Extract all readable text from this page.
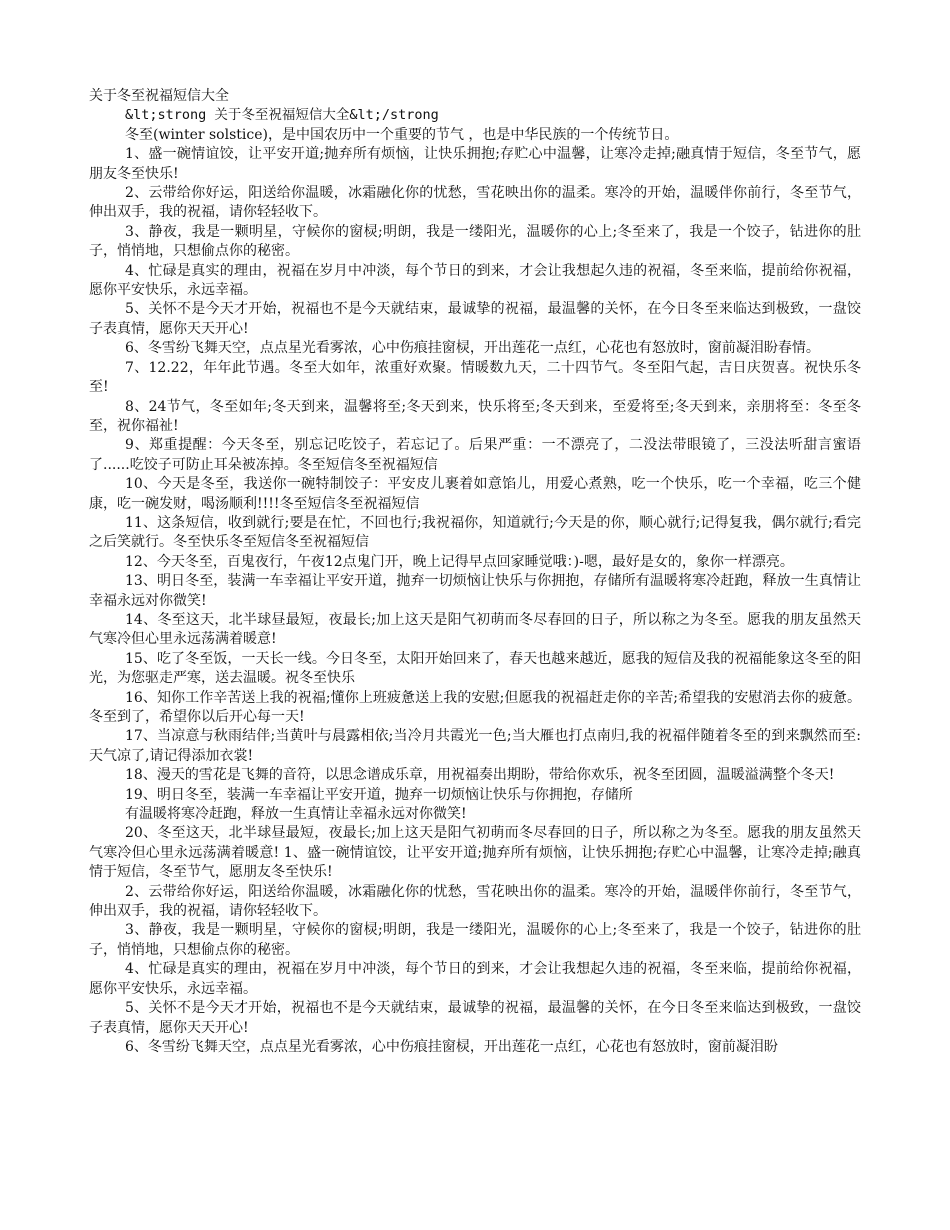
关于冬至祝福短信大全

&lt;strong 关于冬至祝福短信大全&lt;/strong

冬至(winter solstice)，是中国农历中一个重要的节气 ，也是中华民族的一个传统节日。

1、盛一碗情谊饺，让平安开道;抛弃所有烦恼，让快乐拥抱;存贮心中温馨，让寒冷走掉;融真情于短信，冬至节气，愿朋友冬至快乐!

2、云带给你好运，阳送给你温暖，冰霜融化你的忧愁，雪花映出你的温柔。寒冷的开始，温暖伴你前行，冬至节气，伸出双手，我的祝福，请你轻轻收下。

3、静夜，我是一颗明星，守候你的窗棂;明朗，我是一缕阳光，温暖你的心上;冬至来了，我是一个饺子，钻进你的肚子，悄悄地，只想偷点你的秘密。

4、忙碌是真实的理由，祝福在岁月中冲淡，每个节日的到来，才会让我想起久违的祝福，冬至来临，提前给你祝福，愿你平安快乐，永远幸福。

5、关怀不是今天才开始，祝福也不是今天就结束，最诚挚的祝福，最温馨的关怀，在今日冬至来临达到极致，一盘饺子表真情，愿你天天开心!

6、冬雪纷飞舞天空，点点星光看雾浓，心中伤痕挂窗棂，开出莲花一点红，心花也有怒放时，窗前凝泪盼春情。

7、12.22，年年此节遇。冬至大如年，浓重好欢聚。情暖数九天，二十四节气。冬至阳气起，吉日庆贺喜。祝快乐冬至!

8、24节气，冬至如年;冬天到来，温馨将至;冬天到来，快乐将至;冬天到来，至爱将至;冬天到来，亲朋将至：冬至冬至，祝你福祉!

9、郑重提醒：今天冬至，别忘记吃饺子，若忘记了。后果严重：一不漂亮了，二没法带眼镜了，三没法听甜言蜜语了......吃饺子可防止耳朵被冻掉。冬至短信冬至祝福短信

10、今天是冬至，我送你一碗特制饺子：平安皮儿裹着如意馅儿，用爱心煮熟，吃一个快乐，吃一个幸福，吃三个健康，吃一碗发财，喝汤顺利!!!!冬至短信冬至祝福短信

11、这条短信，收到就行;要是在忙，不回也行;我祝福你，知道就行;今天是的你，顺心就行;记得复我，偶尔就行;看完之后笑就行。冬至快乐冬至短信冬至祝福短信

12、今天冬至，百鬼夜行，午夜12点鬼门开，晚上记得早点回家睡觉哦：)-嗯，最好是女的，象你一样漂亮。

13、明日冬至，装满一车幸福让平安开道，抛弃一切烦恼让快乐与你拥抱，存储所有温暖将寒冷赶跑，释放一生真情让幸福永远对你微笑!

14、冬至这天，北半球昼最短，夜最长;加上这天是阳气初萌而冬尽春回的日子，所以称之为冬至。愿我的朋友虽然天气寒冷但心里永远荡满着暖意!

15、吃了冬至饭，一天长一线。今日冬至，太阳开始回来了，春天也越来越近，愿我的短信及我的祝福能象这冬至的阳光，为您驱走严寒，送去温暖。祝冬至快乐

16、知你工作辛苦送上我的祝福;懂你上班疲惫送上我的安慰;但愿我的祝福赶走你的辛苦;希望我的安慰消去你的疲惫。冬至到了，希望你以后开心每一天!

17、当凉意与秋雨结伴;当黄叶与晨露相依;当冷月共霞光一色;当大雁也打点南归,我的祝福伴随着冬至的到来飘然而至:天气凉了,请记得添加衣裳!

18、漫天的雪花是飞舞的音符，以思念谱成乐章，用祝福奏出期盼，带给你欢乐，祝冬至团圆，温暖溢满整个冬天!

19、明日冬至，装满一车幸福让平安开道，抛弃一切烦恼让快乐与你拥抱，存储所

有温暖将寒冷赶跑，释放一生真情让幸福永远对你微笑!

20、冬至这天，北半球昼最短，夜最长;加上这天是阳气初萌而冬尽春回的日子，所以称之为冬至。愿我的朋友虽然天气寒冷但心里永远荡满着暖意! 1、盛一碗情谊饺，让平安开道;抛弃所有烦恼，让快乐拥抱;存贮心中温馨，让寒冷走掉;融真情于短信，冬至节气，愿朋友冬至快乐!

2、云带给你好运，阳送给你温暖，冰霜融化你的忧愁，雪花映出你的温柔。寒冷的开始，温暖伴你前行，冬至节气，伸出双手，我的祝福，请你轻轻收下。

3、静夜，我是一颗明星，守候你的窗棂;明朗，我是一缕阳光，温暖你的心上;冬至来了，我是一个饺子，钻进你的肚子，悄悄地，只想偷点你的秘密。

4、忙碌是真实的理由，祝福在岁月中冲淡，每个节日的到来，才会让我想起久违的祝福，冬至来临，提前给你祝福，愿你平安快乐，永远幸福。

5、关怀不是今天才开始，祝福也不是今天就结束，最诚挚的祝福，最温馨的关怀，在今日冬至来临达到极致，一盘饺子表真情，愿你天天开心!

6、冬雪纷飞舞天空，点点星光看雾浓，心中伤痕挂窗棂，开出莲花一点红，心花也有怒放时，窗前凝泪盼
